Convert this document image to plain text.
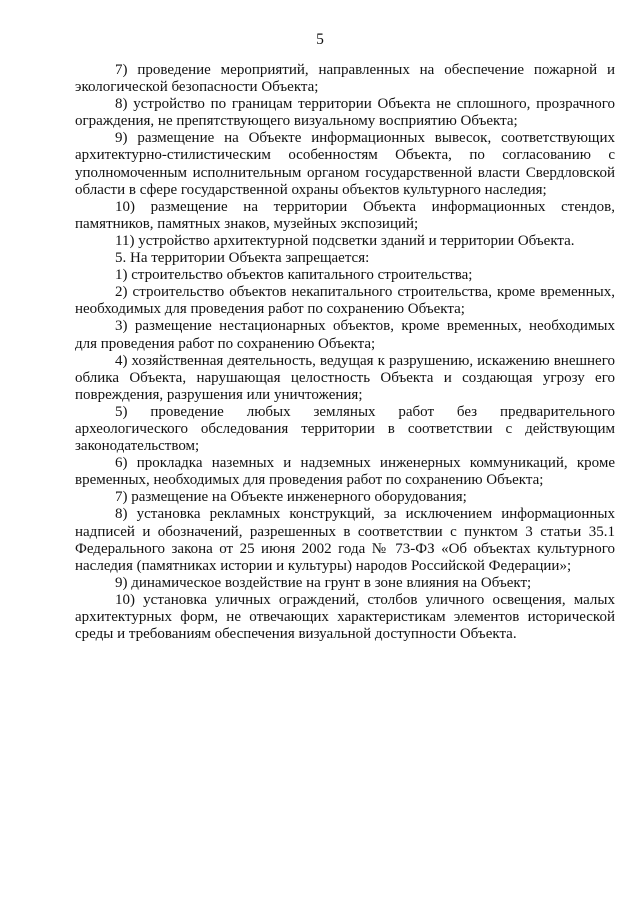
5

7) проведение мероприятий, направленных на обеспечение пожарной и экологической безопасности Объекта;

8) устройство по границам территории Объекта не сплошного, прозрачного ограждения, не препятствующего визуальному восприятию Объекта;

9) размещение на Объекте информационных вывесок, соответствующих архитектурно-стилистическим особенностям Объекта, по согласованию с уполномоченным исполнительным органом государственной власти Свердловской области в сфере государственной охраны объектов культурного наследия;

10) размещение на территории Объекта информационных стендов, памятников, памятных знаков, музейных экспозиций;

11) устройство архитектурной подсветки зданий и территории Объекта.

5. На территории Объекта запрещается:

1) строительство объектов капитального строительства;

2) строительство объектов некапитального строительства, кроме временных, необходимых для проведения работ по сохранению Объекта;

3) размещение нестационарных объектов, кроме временных, необходимых для проведения работ по сохранению Объекта;

4) хозяйственная деятельность, ведущая к разрушению, искажению внешнего облика Объекта, нарушающая целостность Объекта и создающая угрозу его повреждения, разрушения или уничтожения;

5) проведение любых земляных работ без предварительного археологического обследования территории в соответствии с действующим законодательством;

6) прокладка наземных и надземных инженерных коммуникаций, кроме временных, необходимых для проведения работ по сохранению Объекта;

7) размещение на Объекте инженерного оборудования;

8) установка рекламных конструкций, за исключением информационных надписей и обозначений, разрешенных в соответствии с пунктом 3 статьи 35.1 Федерального закона от 25 июня 2002 года № 73-ФЗ «Об объектах культурного наследия (памятниках истории и культуры) народов Российской Федерации»;

9) динамическое воздействие на грунт в зоне влияния на Объект;

10) установка уличных ограждений, столбов уличного освещения, малых архитектурных форм, не отвечающих характеристикам элементов исторической среды и требованиям обеспечения визуальной доступности Объекта.
